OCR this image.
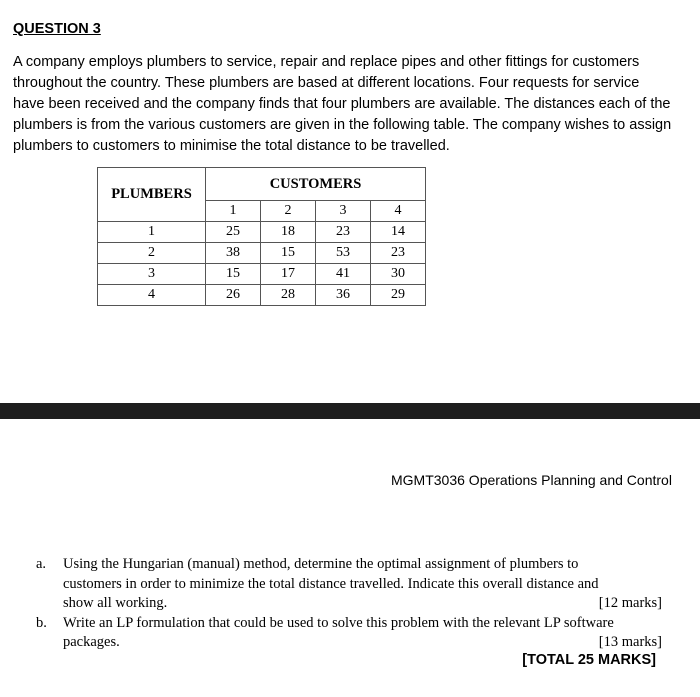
QUESTION 3
A company employs plumbers to service, repair and replace pipes and other fittings for customers
throughout the country. These plumbers are based at different locations. Four requests for service
have been received and the company finds that four plumbers are available. The distances each of the
plumbers is from the various customers are given in the following table. The company wishes to assign
plumbers to customers to minimise the total distance to be travelled.
PLUMBERS	CUSTOMERS			
	1	2	3	4
1	25	18	23	14
2	38	15	53	23
3	15	17	41	30
4	26	28	36	29
MGMT3036 Operations Planning and Control
a. Using the Hungarian (manual) method, determine the optimal assignment of plumbers to
customers in order to minimize the total distance travelled. Indicate this overall distance and
show all working.	[12 marks]
b. Write an LP formulation that could be used to solve this problem with the relevant LP software
packages.	[13 marks]
[TOTAL 25 MARKS]
